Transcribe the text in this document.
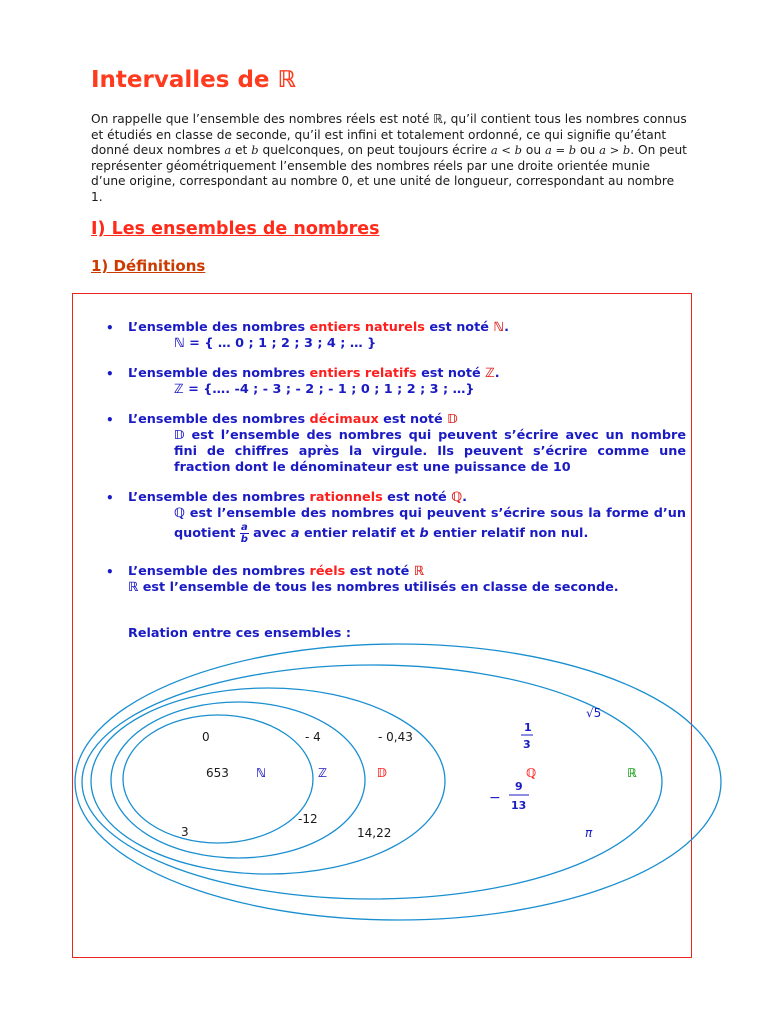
Intervalles de ℝ

On rappelle que l’ensemble des nombres réels est noté ℝ, qu’il contient tous les nombres connus et étudiés en classe de seconde, qu’il est infini et totalement ordonné, ce qui signifie qu’étant donné deux nombres a et b quelconques, on peut toujours écrire a < b ou a = b ou a > b. On peut représenter géométriquement l’ensemble des nombres réels par une droite orientée munie d’une origine, correspondant au nombre 0, et une unité de longueur, correspondant au nombre 1.

I) Les ensembles de nombres
1) Définitions
• L’ensemble des nombres entiers naturels est noté ℕ.
ℕ = { … 0 ; 1 ; 2 ; 3 ; 4 ; … }
• L’ensemble des nombres entiers relatifs est noté ℤ.
ℤ = {…. -4 ; - 3 ; - 2 ; - 1 ; 0 ; 1 ; 2 ; 3 ; …}
• L’ensemble des nombres décimaux est noté 𝔻
𝔻 est l’ensemble des nombres qui peuvent s’écrire avec un nombre fini de chiffres après la virgule. Ils peuvent s’écrire comme une fraction dont le dénominateur est une puissance de 10
• L’ensemble des nombres rationnels est noté ℚ.
ℚ est l’ensemble des nombres qui peuvent s’écrire sous la forme d’un quotient $\frac{a}{b}$ avec a entier relatif et b entier relatif non nul.
• L’ensemble des nombres réels est noté ℝ
ℝ est l’ensemble de tous les nombres utilisés en classe de seconde.
Relation entre ces ensembles :
0
653
3
ℕ
- 4
ℤ
-12
- 0,43
𝔻
14,22
1
3
ℚ
−
9
13
√5
ℝ
π
